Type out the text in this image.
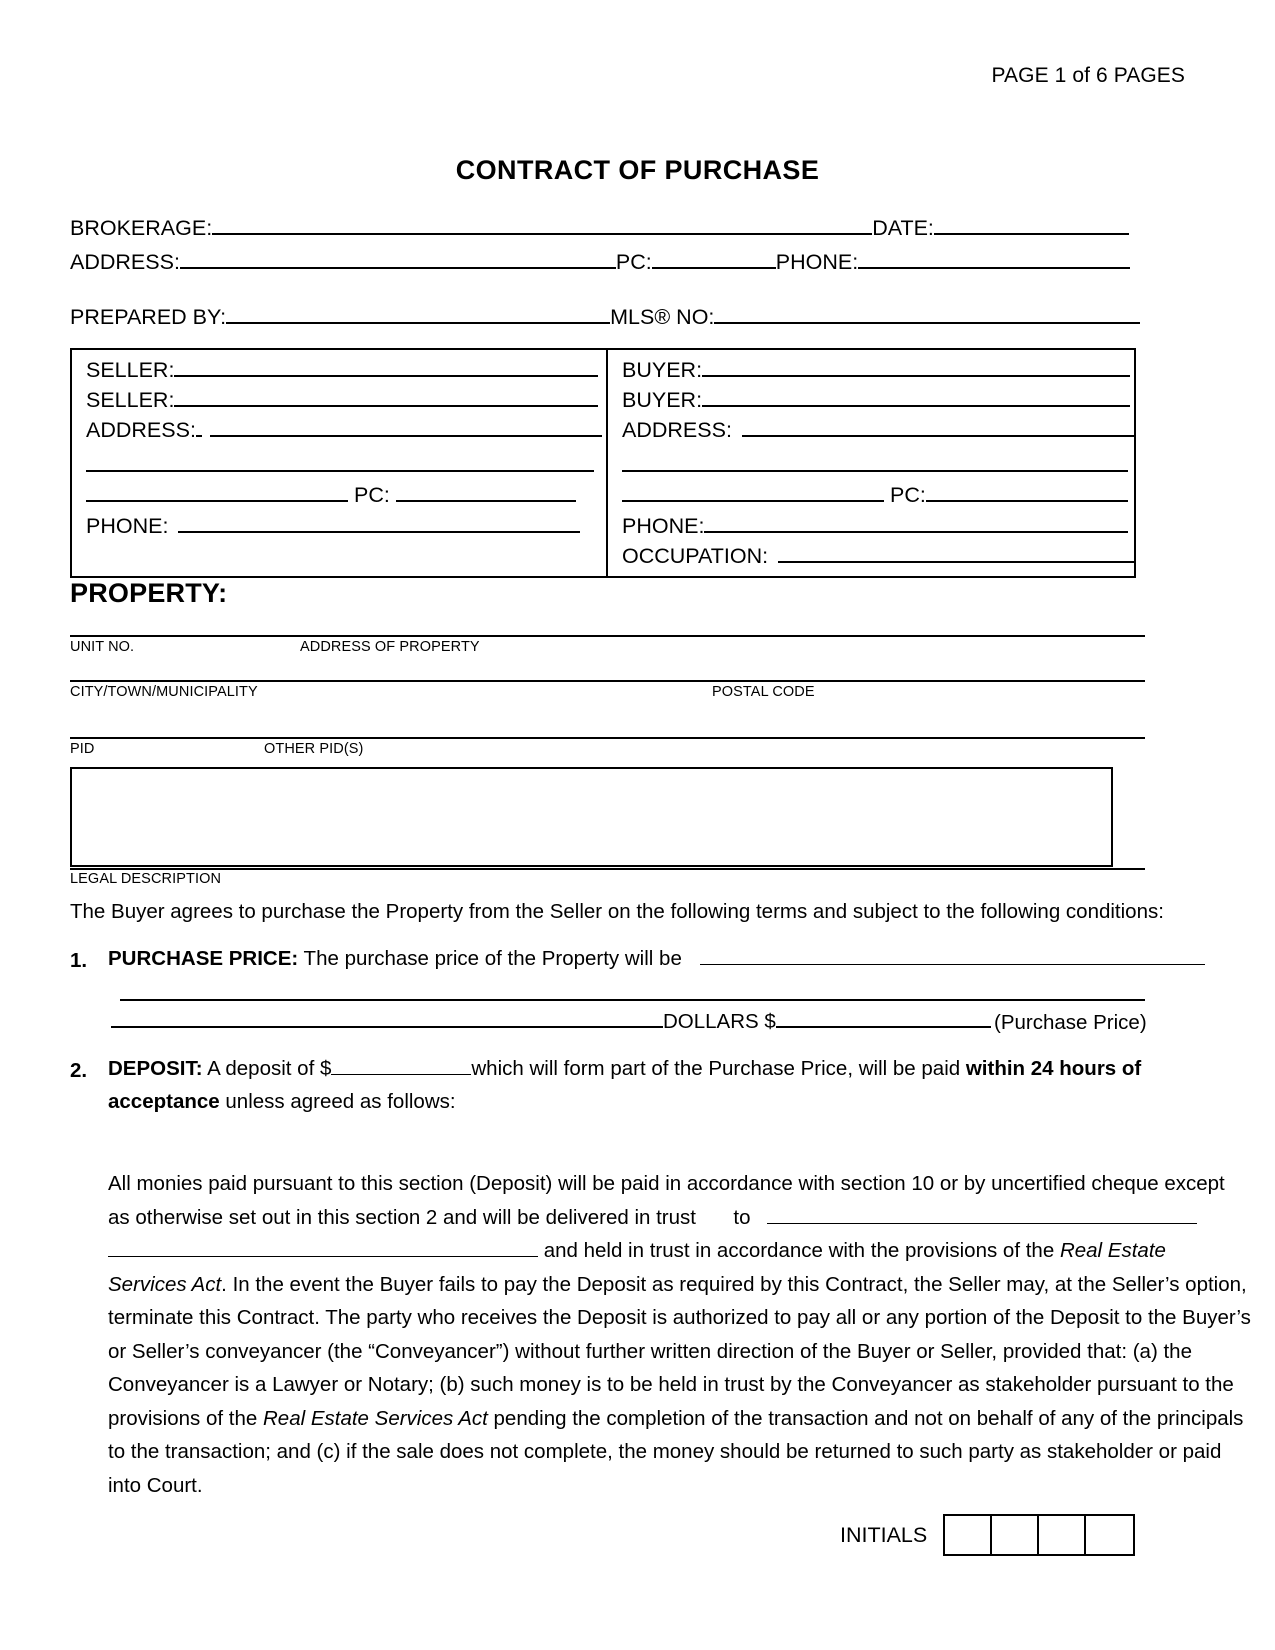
PAGE 1 of 6 PAGES
CONTRACT OF PURCHASE
BROKERAGE:	DATE:
ADDRESS:	PC:	PHONE:
PREPARED BY:	MLS® NO:
SELLER:
SELLER:
ADDRESS:
PC:
PHONE:
BUYER:
BUYER:
ADDRESS:
PC:
PHONE:
OCCUPATION:
PROPERTY:
UNIT NO.	ADDRESS OF PROPERTY
CITY/TOWN/MUNICIPALITY	POSTAL CODE
PID	OTHER PID(S)
LEGAL DESCRIPTION
The Buyer agrees to purchase the Property from the Seller on the following terms and subject to the following conditions:
1. PURCHASE PRICE: The purchase price of the Property will be
DOLLARS $	(Purchase Price)
2. DEPOSIT: A deposit of $	which will form part of the Purchase Price, will be paid within 24 hours of
acceptance unless agreed as follows:
All monies paid pursuant to this section (Deposit) will be paid in accordance with section 10 or by uncertified cheque except
as otherwise set out in this section 2 and will be delivered in trust to
and held in trust in accordance with the provisions of the Real Estate
Services Act. In the event the Buyer fails to pay the Deposit as required by this Contract, the Seller may, at the Seller’s option,
terminate this Contract. The party who receives the Deposit is authorized to pay all or any portion of the Deposit to the Buyer’s
or Seller’s conveyancer (the “Conveyancer”) without further written direction of the Buyer or Seller, provided that: (a) the
Conveyancer is a Lawyer or Notary; (b) such money is to be held in trust by the Conveyancer as stakeholder pursuant to the
provisions of the Real Estate Services Act pending the completion of the transaction and not on behalf of any of the principals
to the transaction; and (c) if the sale does not complete, the money should be returned to such party as stakeholder or paid
into Court.
INITIALS
